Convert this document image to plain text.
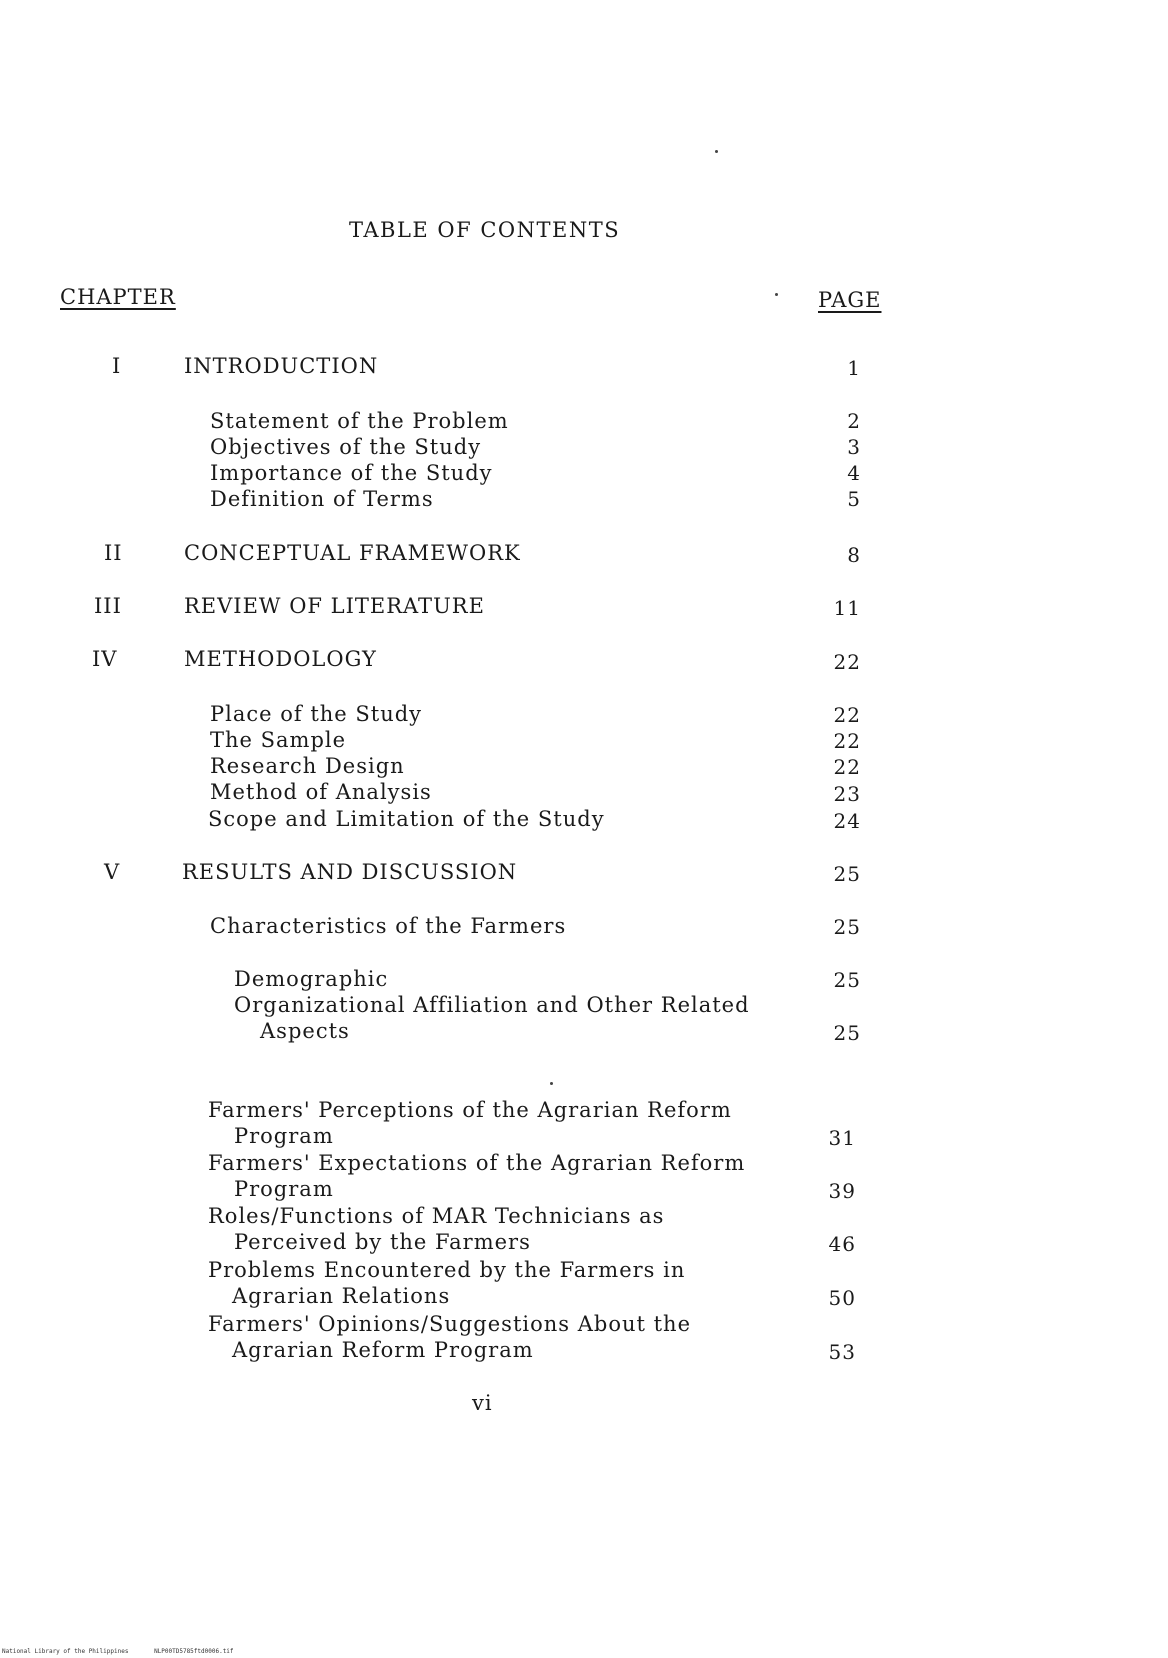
TABLE OF CONTENTS
CHAPTER	PAGE
I	INTRODUCTION	1
Statement of the Problem	2
Objectives of the Study	3
Importance of the Study	4
Definition of Terms	5
II	CONCEPTUAL FRAMEWORK	8
III	REVIEW OF LITERATURE	11
IV	METHODOLOGY	22
Place of the Study	22
The Sample	22
Research Design	22
Method of Analysis	23
Scope and Limitation of the Study	24
V	RESULTS AND DISCUSSION	25
Characteristics of the Farmers	25
Demographic	25
Organizational Affiliation and Other Related
Aspects	25
Farmers' Perceptions of the Agrarian Reform
Program	31
Farmers' Expectations of the Agrarian Reform
Program	39
Roles/Functions of MAR Technicians as
Perceived by the Farmers	46
Problems Encountered by the Farmers in
Agrarian Relations	50
Farmers' Opinions/Suggestions About the
Agrarian Reform Program	53
vi
National Library of the Philippines	NLP00TD5785ftd0006.tif
